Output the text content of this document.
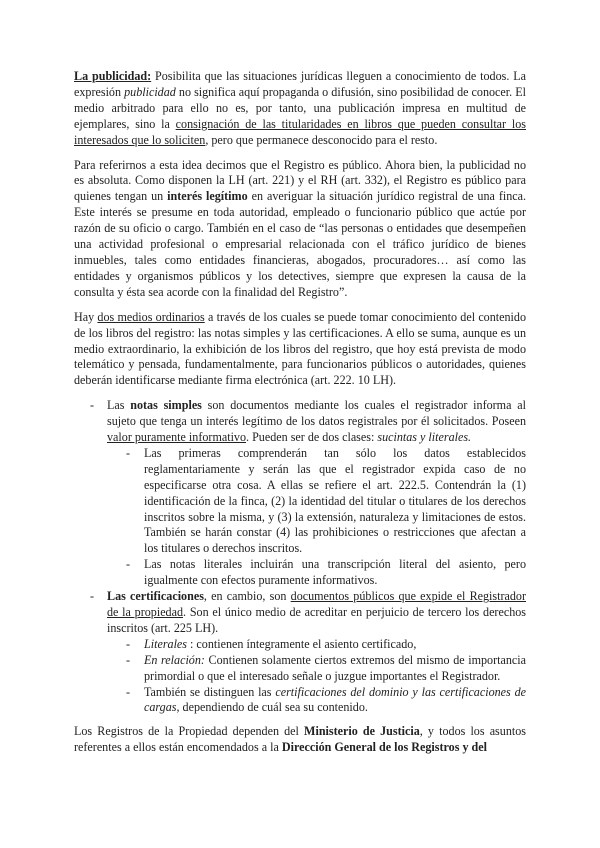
La publicidad: Posibilita que las situaciones jurídicas lleguen a conocimiento de todos. La expresión publicidad no significa aquí propaganda o difusión, sino posibilidad de conocer. El medio arbitrado para ello no es, por tanto, una publicación impresa en multitud de ejemplares, sino la consignación de las titularidades en libros que pueden consultar los interesados que lo soliciten, pero que permanece desconocido para el resto.

Para referirnos a esta idea decimos que el Registro es público. Ahora bien, la publicidad no es absoluta. Como disponen la LH (art. 221) y el RH (art. 332), el Registro es público para quienes tengan un interés legítimo en averiguar la situación jurídico registral de una finca. Este interés se presume en toda autoridad, empleado o funcionario público que actúe por razón de su oficio o cargo. También en el caso de “las personas o entidades que desempeñen una actividad profesional o empresarial relacionada con el tráfico jurídico de bienes inmuebles, tales como entidades financieras, abogados, procuradores… así como las entidades y organismos públicos y los detectives, siempre que expresen la causa de la consulta y ésta sea acorde con la finalidad del Registro”.

Hay dos medios ordinarios a través de los cuales se puede tomar conocimiento del contenido de los libros del registro: las notas simples y las certificaciones. A ello se suma, aunque es un medio extraordinario, la exhibición de los libros del registro, que hoy está prevista de modo telemático y pensada, fundamentalmente, para funcionarios públicos o autoridades, quienes deberán identificarse mediante firma electrónica (art. 222. 10 LH).

- Las notas simples son documentos mediante los cuales el registrador informa al sujeto que tenga un interés legítimo de los datos registrales por él solicitados. Poseen valor puramente informativo. Pueden ser de dos clases: sucintas y literales.
- Las primeras comprenderán tan sólo los datos establecidos reglamentariamente y serán las que el registrador expida caso de no especificarse otra cosa. A ellas se refiere el art. 222.5. Contendrán la (1) identificación de la finca, (2) la identidad del titular o titulares de los derechos inscritos sobre la misma, y (3) la extensión, naturaleza y limitaciones de estos. También se harán constar (4) las prohibiciones o restricciones que afectan a los titulares o derechos inscritos.
- Las notas literales incluirán una transcripción literal del asiento, pero igualmente con efectos puramente informativos.
- Las certificaciones, en cambio, son documentos públicos que expide el Registrador de la propiedad. Son el único medio de acreditar en perjuicio de tercero los derechos inscritos (art. 225 LH).
- Literales : contienen íntegramente el asiento certificado,
- En relación: Contienen solamente ciertos extremos del mismo de importancia primordial o que el interesado señale o juzgue importantes el Registrador.
- También se distinguen las certificaciones del dominio y las certificaciones de cargas, dependiendo de cuál sea su contenido.

Los Registros de la Propiedad dependen del Ministerio de Justicia, y todos los asuntos referentes a ellos están encomendados a la Dirección General de los Registros y del
